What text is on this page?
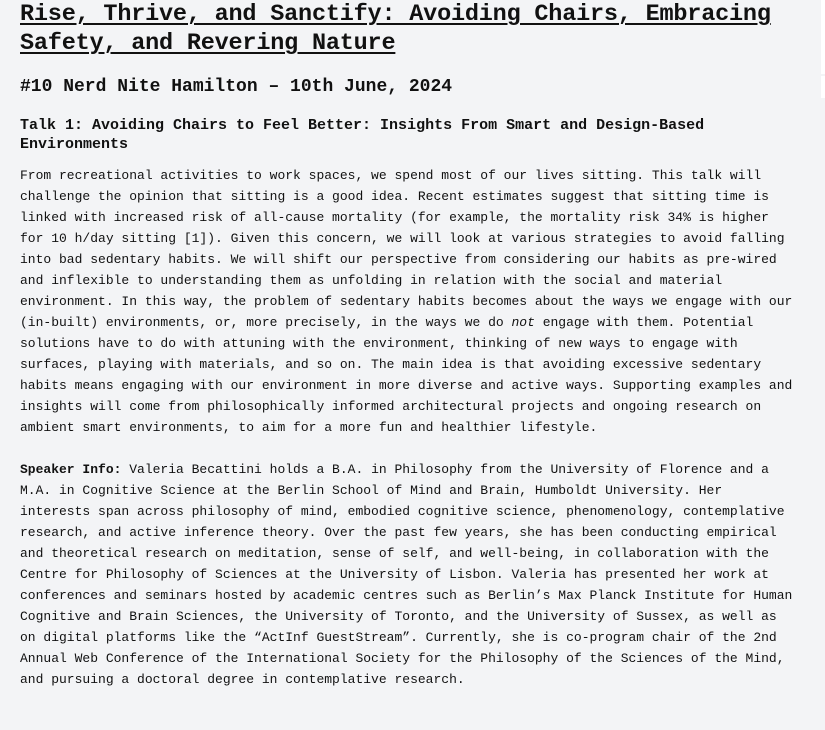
Rise, Thrive, and Sanctify: Avoiding Chairs, Embracing Safety, and Revering Nature
#10 Nerd Nite Hamilton – 10th June, 2024
Talk 1: Avoiding Chairs to Feel Better: Insights From Smart and Design-Based Environments

From recreational activities to work spaces, we spend most of our lives sitting. This talk will challenge the opinion that sitting is a good idea. Recent estimates suggest that sitting time is linked with increased risk of all-cause mortality (for example, the mortality risk 34% is higher for 10 h/day sitting [1]). Given this concern, we will look at various strategies to avoid falling into bad sedentary habits. We will shift our perspective from considering our habits as pre-wired and inflexible to understanding them as unfolding in relation with the social and material environment. In this way, the problem of sedentary habits becomes about the ways we engage with our (in-built) environments, or, more precisely, in the ways we do not engage with them. Potential solutions have to do with attuning with the environment, thinking of new ways to engage with surfaces, playing with materials, and so on. The main idea is that avoiding excessive sedentary habits means engaging with our environment in more diverse and active ways. Supporting examples and insights will come from philosophically informed architectural projects and ongoing research on ambient smart environments, to aim for a more fun and healthier lifestyle.

Speaker Info: Valeria Becattini holds a B.A. in Philosophy from the University of Florence and a M.A. in Cognitive Science at the Berlin School of Mind and Brain, Humboldt University. Her interests span across philosophy of mind, embodied cognitive science, phenomenology, contemplative research, and active inference theory. Over the past few years, she has been conducting empirical and theoretical research on meditation, sense of self, and well-being, in collaboration with the Centre for Philosophy of Sciences at the University of Lisbon. Valeria has presented her work at conferences and seminars hosted by academic centres such as Berlin’s Max Planck Institute for Human Cognitive and Brain Sciences, the University of Toronto, and the University of Sussex, as well as on digital platforms like the “ActInf GuestStream”. Currently, she is co-program chair of the 2nd Annual Web Conference of the International Society for the Philosophy of the Sciences of the Mind, and pursuing a doctoral degree in contemplative research.
